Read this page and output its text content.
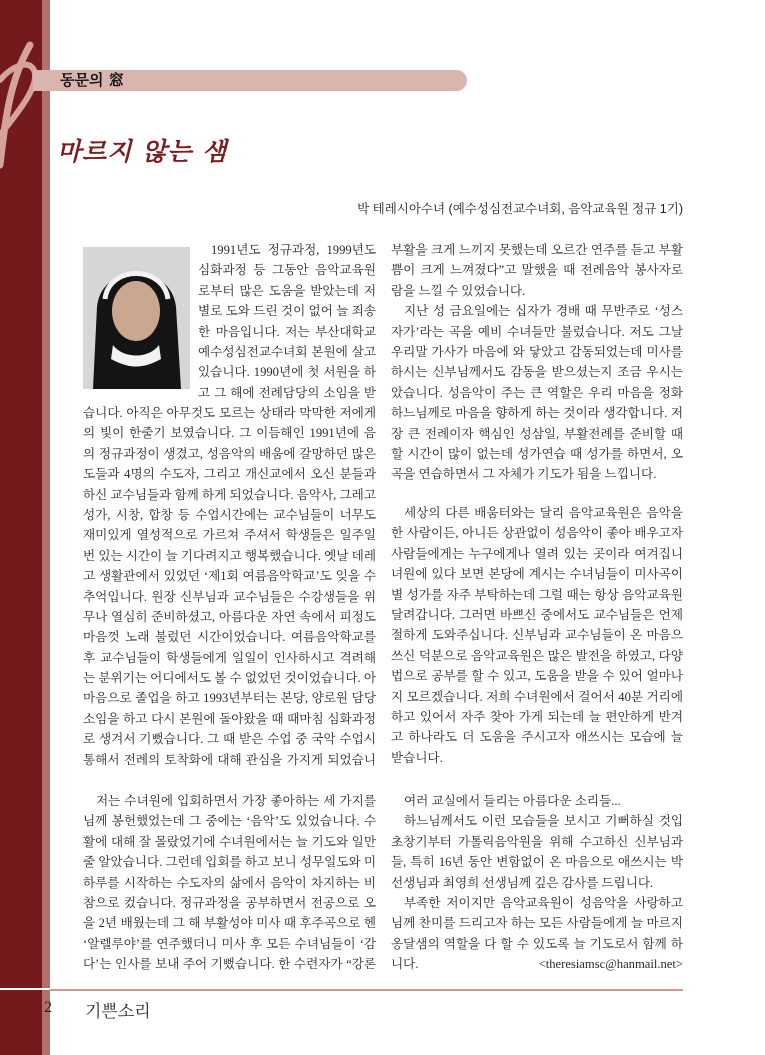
동문의 窓
마르지 않는 샘
박 테레시아수녀 (예수성심전교수녀회, 음악교육원 정규 1기)
1991년도 정규과정, 1999년도
심화과정 등 그동안 음악교육원
로부터 많은 도움을 받았는데 저
별로 도와 드린 것이 없어 늘 죄송
한 마음입니다. 저는 부산대학교
예수성심전교수녀회 본원에 살고
있습니다. 1990년에 첫 서원을 하
고 그 해에 전례담당의 소임을 받
습니다. 아직은 아무것도 모르는 상태라 막막한 저에게
의 빛이 한줄기 보였습니다. 그 이듬해인 1991년에 음
의 정규과정이 생겼고, 성음악의 배움에 갈망하던 많은
도들과 4명의 수도자, 그리고 개신교에서 오신 분들과
하신 교수님들과 함께 하게 되었습니다. 음악사, 그레고
성가, 시창, 합창 등 수업시간에는 교수님들이 너무도
재미있게 열성적으로 가르쳐 주셔서 학생들은 일주일
번 있는 시간이 늘 기다려지고 행복했습니다. 옛날 데레
고 생활관에서 있었던 ‘제1회 여름음악학교’도 잊을 수
추억입니다. 원장 신부님과 교수님들은 수강생들을 위
무나 열심히 준비하셨고, 아름다운 자연 속에서 피정도
마음껏 노래 불렀던 시간이었습니다. 여름음악학교를
후 교수님들이 학생들에게 일일이 인사하시고 격려해
는 분위기는 어디에서도 볼 수 없었던 것이었습니다. 아
마음으로 졸업을 하고 1993년부터는 본당, 양로원 담당
소임을 하고 다시 본원에 돌아왔을 때 때마침 심화과정
로 생겨서 기뻤습니다. 그 때 받은 수업 중 국악 수업시
통해서 전례의 토착화에 대해 관심을 가지게 되었습니
저는 수녀원에 입회하면서 가장 좋아하는 세 가지를
님께 봉헌했었는데 그 중에는 ‘음악’도 있었습니다. 수
활에 대해 잘 몰랐었기에 수녀원에서는 늘 기도와 일만
줄 알았습니다. 그런데 입회를 하고 보니 성무일도와 미
하루를 시작하는 수도자의 삶에서 음악이 차지하는 비
참으로 컸습니다. 정규과정을 공부하면서 전공으로 오
을 2년 배웠는데 그 해 부활성야 미사 때 후주곡으로 헨
‘알렐루야’를 연주했더니 미사 후 모든 수녀님들이 ‘감
다’는 인사를 보내 주어 기뻤습니다. 한 수련자가 “강론
부활을 크게 느끼지 못했는데 오르간 연주를 듣고 부활
쁨이 크게 느껴졌다”고 말했을 때 전례음악 봉사자로
람을 느낄 수 있었습니다.
지난 성 금요일에는 십자가 경배 때 무반주로 ‘성스
자가’라는 곡을 예비 수녀들만 불렀습니다. 저도 그날
우리말 가사가 마음에 와 닿았고 감동되었는데 미사를
하시는 신부님께서도 감동을 받으셨는지 조금 우시는
았습니다. 성음악이 주는 큰 역할은 우리 마음을 정화
하느님께로 마음을 향하게 하는 것이라 생각합니다. 저
장 큰 전례이자 핵심인 성삼일, 부활전례를 준비할 때
할 시간이 많이 없는데 성가연습 때 성가를 하면서, 오
곡을 연습하면서 그 자체가 기도가 됨을 느낍니다.
세상의 다른 배움터와는 달리 음악교육원은 음악을
한 사람이든, 아니든 상관없이 성음악이 좋아 배우고자
사람들에게는 누구에게나 열려 있는 곳이라 여겨집니
녀원에 있다 보면 본당에 계시는 수녀님들이 미사곡이
별 성가를 자주 부탁하는데 그럴 때는 항상 음악교육원
달려갑니다. 그러면 바쁘신 중에서도 교수님들은 언제
절하게 도와주십니다. 신부님과 교수님들이 온 마음으
쓰신 덕분으로 음악교육원은 많은 발전을 하였고, 다양
법으로 공부를 할 수 있고, 도움을 받을 수 있어 얼마나
지 모르겠습니다. 저희 수녀원에서 걸어서 40분 거리에
하고 있어서 자주 찾아 가게 되는데 늘 편안하게 반겨
고 하나라도 더 도움을 주시고자 애쓰시는 모습에 늘
받습니다.
여러 교실에서 들리는 아름다운 소리들...
하느님께서도 이런 모습들을 보시고 기뻐하실 것입
초창기부터 가톨릭음악원을 위해 수고하신 신부님과
들, 특히 16년 동안 변함없이 온 마음으로 애쓰시는 박
선생님과 최영희 선생님께 깊은 감사를 드립니다.
부족한 저이지만 음악교육원이 성음악을 사랑하고
님께 찬미를 드리고자 하는 모든 사람들에게 늘 마르지
옹달샘의 역할을 다 할 수 있도록 늘 기도로서 함께 하
니다.	<theresiamsc@hanmail.net>
2 기쁜소리
